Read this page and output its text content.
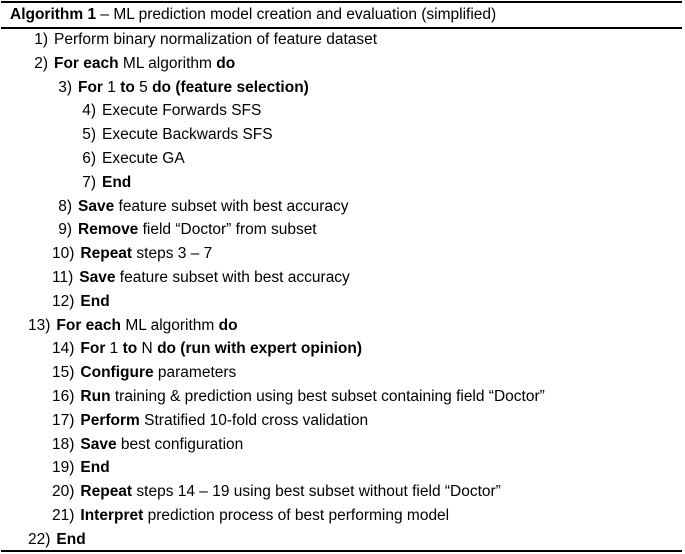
Algorithm 1 – ML prediction model creation and evaluation (simplified)
1) Perform binary normalization of feature dataset
2) For each ML algorithm do
3) For 1 to 5 do (feature selection)
4) Execute Forwards SFS
5) Execute Backwards SFS
6) Execute GA
7) End
8) Save feature subset with best accuracy
9) Remove field “Doctor” from subset
10) Repeat steps 3 – 7
11) Save feature subset with best accuracy
12) End
13) For each ML algorithm do
14) For 1 to N do (run with expert opinion)
15) Configure parameters
16) Run training & prediction using best subset containing field “Doctor”
17) Perform Stratified 10-fold cross validation
18) Save best configuration
19) End
20) Repeat steps 14 – 19 using best subset without field “Doctor”
21) Interpret prediction process of best performing model
22) End
